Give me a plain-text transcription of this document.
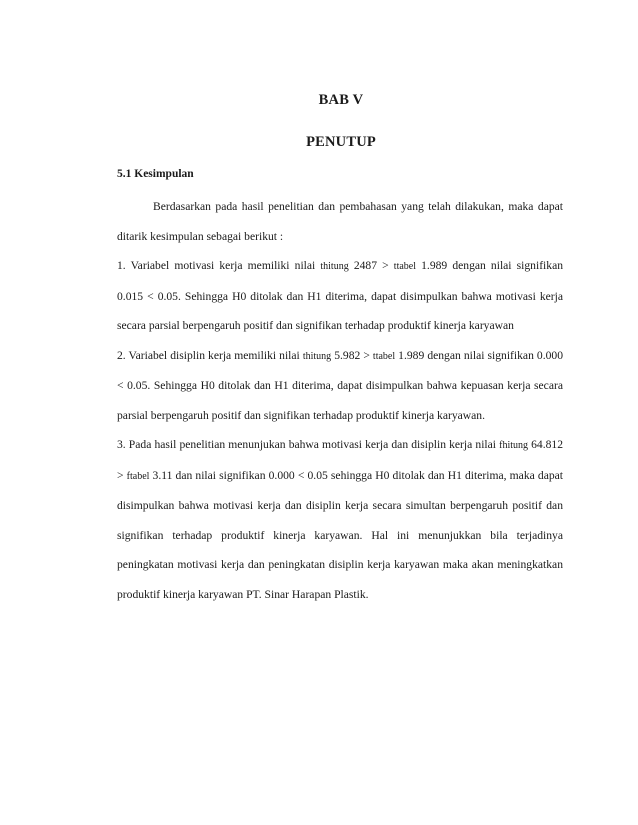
BAB V
PENUTUP
5.1 Kesimpulan

Berdasarkan pada hasil penelitian dan pembahasan yang telah dilakukan, maka dapat ditarik kesimpulan sebagai berikut :

1. Variabel motivasi kerja memiliki nilai thitung 2487 > ttabel 1.989 dengan nilai signifikan 0.015 < 0.05. Sehingga H0 ditolak dan H1 diterima, dapat disimpulkan bahwa motivasi kerja secara parsial berpengaruh positif dan signifikan terhadap produktif kinerja karyawan

2. Variabel disiplin kerja memiliki nilai thitung 5.982 > ttabel 1.989 dengan nilai signifikan 0.000 < 0.05. Sehingga H0 ditolak dan H1 diterima, dapat disimpulkan bahwa kepuasan kerja secara parsial berpengaruh positif dan signifikan terhadap produktif kinerja karyawan.

3. Pada hasil penelitian menunjukan bahwa motivasi kerja dan disiplin kerja nilai fhitung 64.812 > ftabel 3.11 dan nilai signifikan 0.000 < 0.05 sehingga H0 ditolak dan H1 diterima, maka dapat disimpulkan bahwa motivasi kerja dan disiplin kerja secara simultan berpengaruh positif dan signifikan terhadap produktif kinerja karyawan. Hal ini menunjukkan bila terjadinya peningkatan motivasi kerja dan peningkatan disiplin kerja karyawan maka akan meningkatkan produktif kinerja karyawan PT. Sinar Harapan Plastik.
